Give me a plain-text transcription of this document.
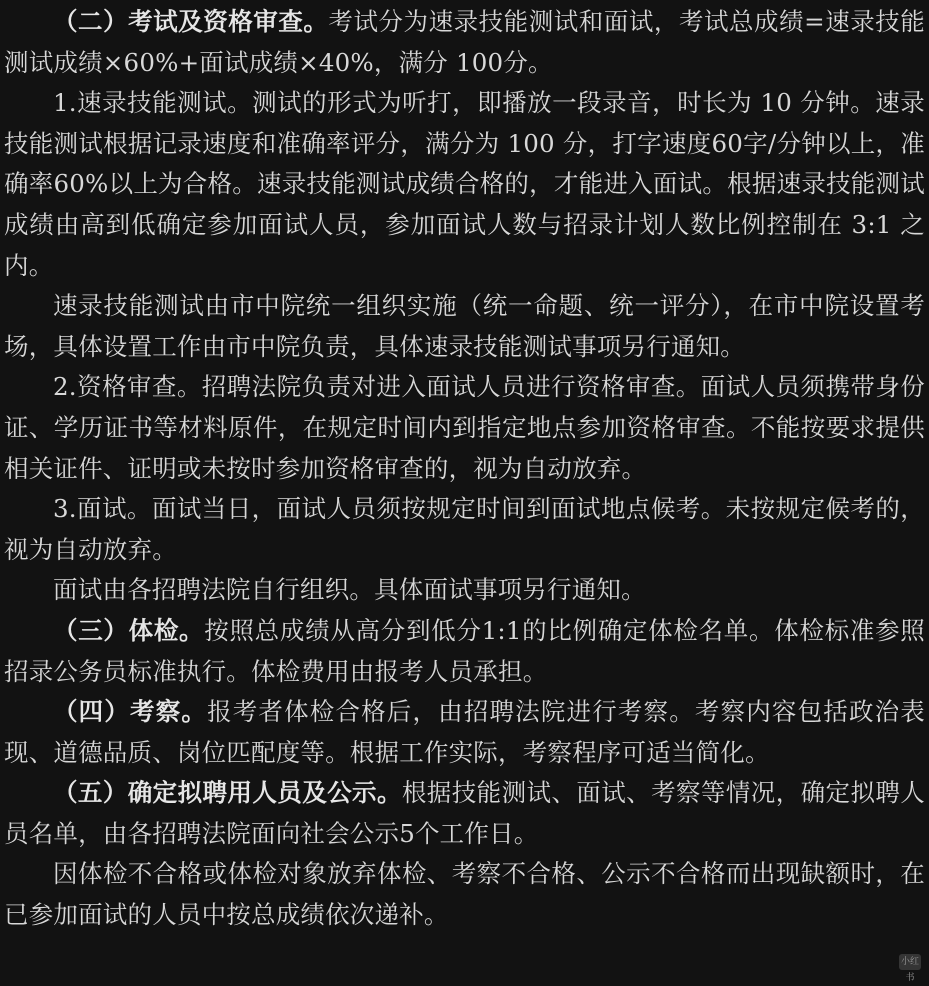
（二）考试及资格审查。考试分为速录技能测试和面试，考试总成绩=速录技能测试成绩×60%+面试成绩×40%，满分 100分。

1.速录技能测试。测试的形式为听打，即播放一段录音，时长为 10 分钟。速录技能测试根据记录速度和准确率评分，满分为 100 分，打字速度60字/分钟以上，准确率60%以上为合格。速录技能测试成绩合格的，才能进入面试。根据速录技能测试成绩由高到低确定参加面试人员，参加面试人数与招录计划人数比例控制在 3:1 之内。

速录技能测试由市中院统一组织实施（统一命题、统一评分），在市中院设置考场，具体设置工作由市中院负责，具体速录技能测试事项另行通知。

2.资格审查。招聘法院负责对进入面试人员进行资格审查。面试人员须携带身份证、学历证书等材料原件，在规定时间内到指定地点参加资格审查。不能按要求提供相关证件、证明或未按时参加资格审查的，视为自动放弃。

3.面试。面试当日，面试人员须按规定时间到面试地点候考。未按规定候考的，视为自动放弃。

面试由各招聘法院自行组织。具体面试事项另行通知。

（三）体检。按照总成绩从高分到低分1:1的比例确定体检名单。体检标准参照招录公务员标准执行。体检费用由报考人员承担。

（四）考察。报考者体检合格后，由招聘法院进行考察。考察内容包括政治表现、道德品质、岗位匹配度等。根据工作实际，考察程序可适当简化。

（五）确定拟聘用人员及公示。根据技能测试、面试、考察等情况，确定拟聘人员名单，由各招聘法院面向社会公示5个工作日。

因体检不合格或体检对象放弃体检、考察不合格、公示不合格而出现缺额时，在已参加面试的人员中按总成绩依次递补。

小红书
